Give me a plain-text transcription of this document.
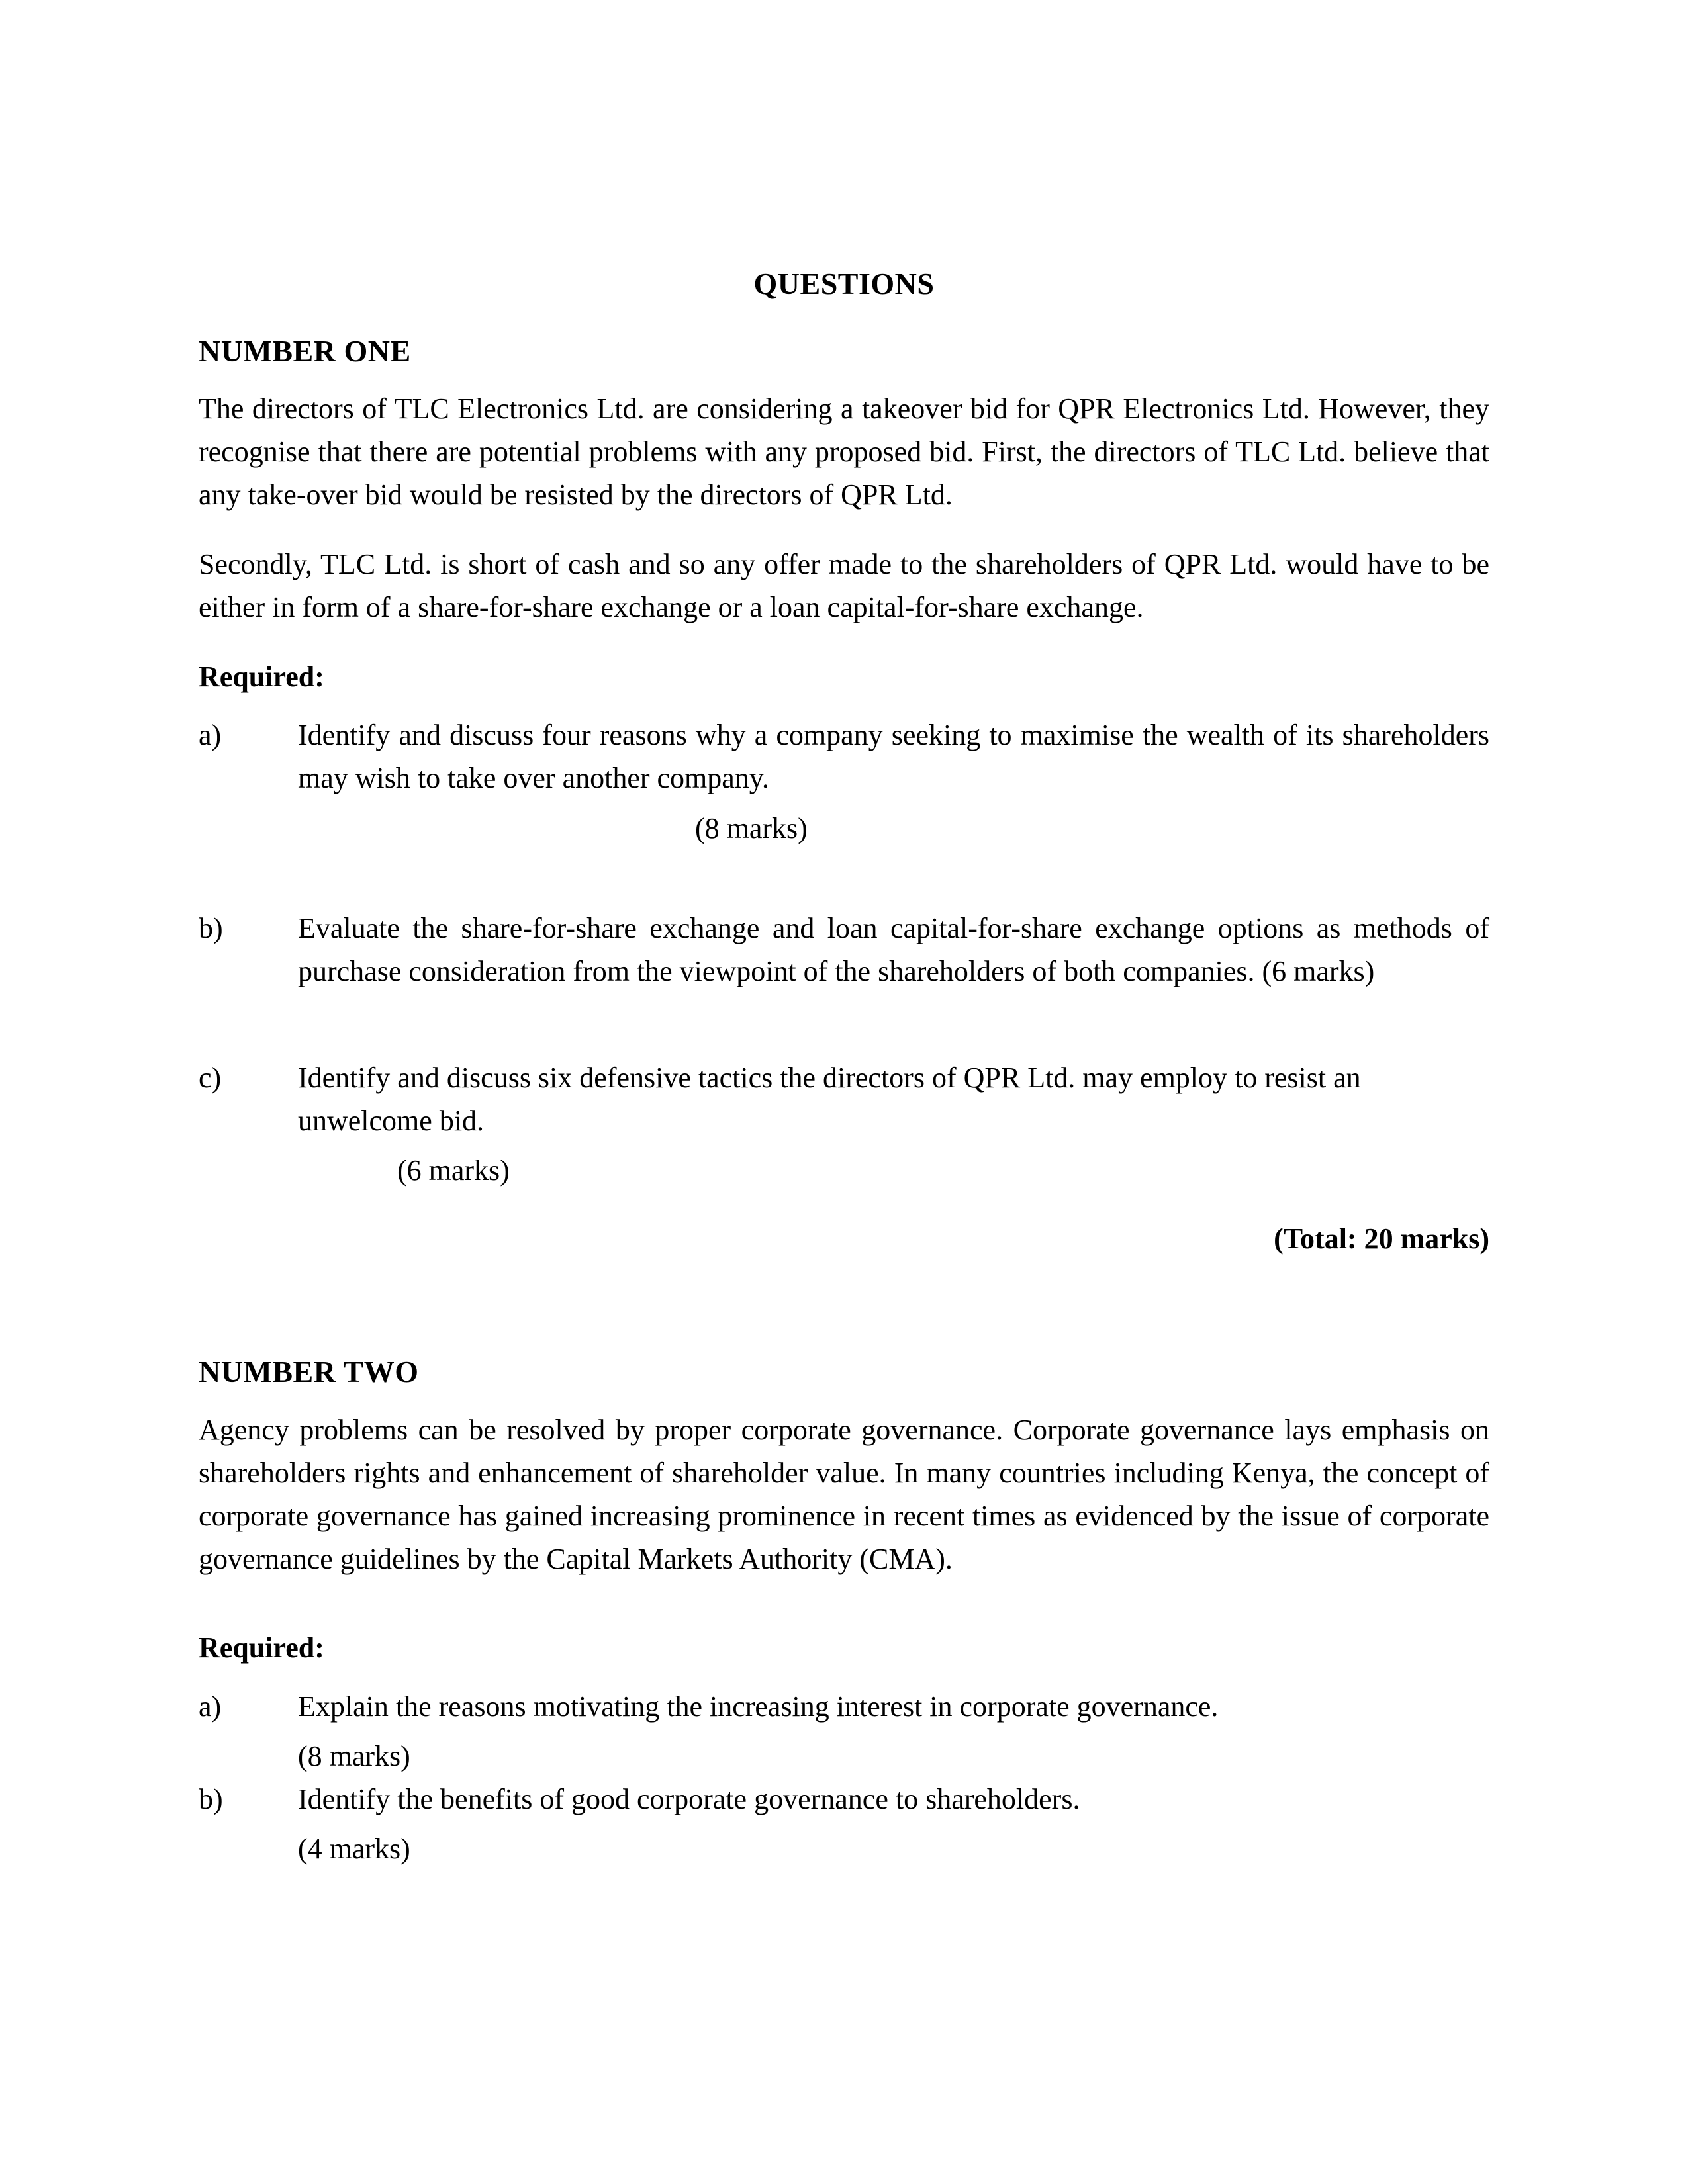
QUESTIONS
NUMBER ONE

The directors of TLC Electronics Ltd. are considering a takeover bid for QPR Electronics Ltd. However, they recognise that there are potential problems with any proposed bid. First, the directors of TLC Ltd. believe that any take-over bid would be resisted by the directors of QPR Ltd.

Secondly, TLC Ltd. is short of cash and so any offer made to the shareholders of QPR Ltd. would have to be either in form of a share-for-share exchange or a loan capital-for-share exchange.

Required:
a)	Identify and discuss four reasons why a company seeking to maximise the wealth of its shareholders may wish to take over another company.
(8 marks)
b)	Evaluate the share-for-share exchange and loan capital-for-share exchange options as methods of purchase consideration from the viewpoint of the shareholders of both companies. (6 marks)
c)	Identify and discuss six defensive tactics the directors of QPR Ltd. may employ to resist an unwelcome bid.
(6 marks)
(Total: 20 marks)
NUMBER TWO

Agency problems can be resolved by proper corporate governance. Corporate governance lays emphasis on shareholders rights and enhancement of shareholder value. In many countries including Kenya, the concept of corporate governance has gained increasing prominence in recent times as evidenced by the issue of corporate governance guidelines by the Capital Markets Authority (CMA).

Required:
a)	Explain the reasons motivating the increasing interest in corporate governance.
(8 marks)
b)	Identify the benefits of good corporate governance to shareholders.
(4 marks)
